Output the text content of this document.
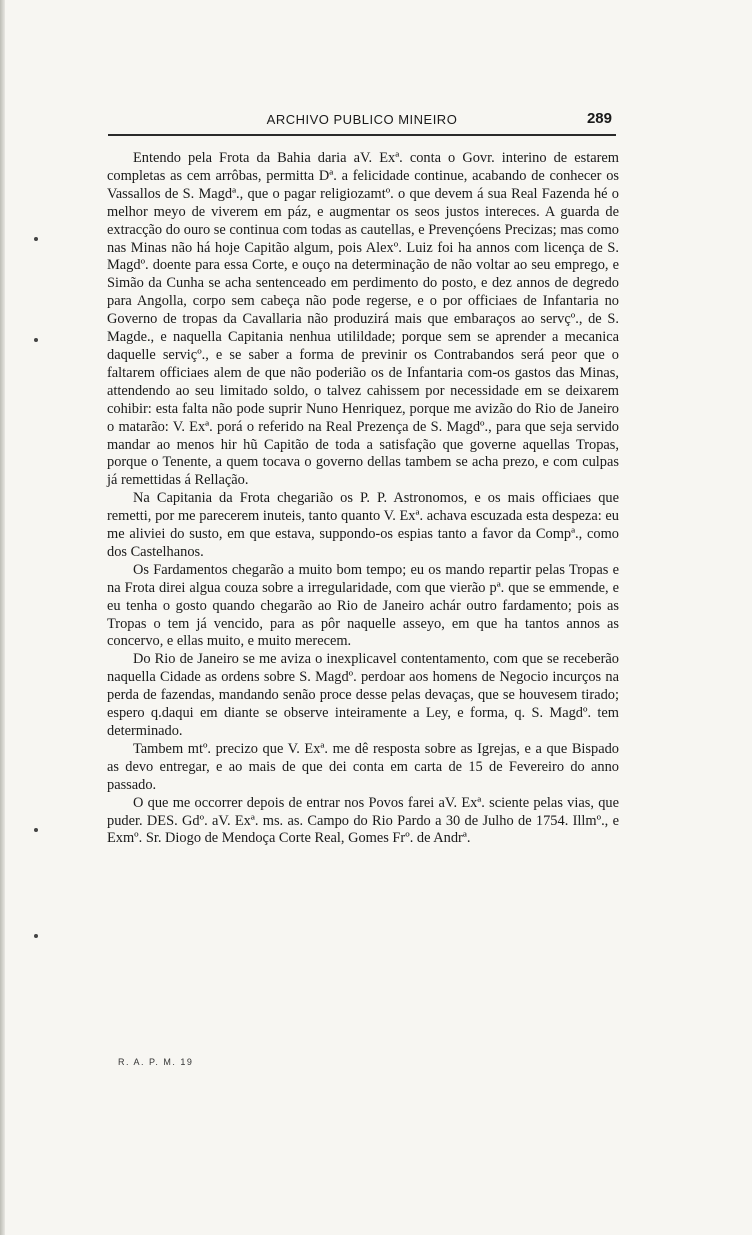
ARCHIVO PUBLICO MINEIRO	289

Entendo pela Frota da Bahia daria aV. Exª. conta o Govr. interino de estarem completas as cem arrôbas, permitta Dª. a felicidade continue, acabando de conhecer os Vassallos de S. Magdª., que o pagar religiozamtº. o que devem á sua Real Fazenda hé o melhor meyo de viverem em páz, e augmentar os seos justos intereces. A guarda de extracção do ouro se continua com todas as cautellas, e Prevençóens Precizas; mas como nas Minas não há hoje Capitão algum, pois Alexº. Luiz foi ha annos com licença de S. Magdº. doente para essa Corte, e ouço na determinação de não voltar ao seu emprego, e Simão da Cunha se acha sentenceado em perdimento do posto, e dez annos de degredo para Angolla, corpo sem cabeça não pode regerse, e o por officiaes de Infantaria no Governo de tropas da Cavallaria não produzirá mais que embaraços ao servçº., de S. Magde., e naquella Capitania nenhua utilildade; porque sem se aprender a mecanica daquelle serviçº., e se saber a forma de previnir os Contrabandos será peor que o faltarem officiaes alem de que não poderião os de Infantaria com-os gastos das Minas, attendendo ao seu limitado soldo, o talvez cahissem por necessidade em se deixarem cohibir: esta falta não pode suprir Nuno Henriquez, porque me avizão do Rio de Janeiro o matarão: V. Exª. porá o referido na Real Prezença de S. Magdº., para que seja servido mandar ao menos hir hũ Capitão de toda a satisfação que governe aquellas Tropas, porque o Tenente, a quem tocava o governo dellas tambem se acha prezo, e com culpas já remettidas á Rellação.

Na Capitania da Frota chegarião os P. P. Astronomos, e os mais officiaes que remetti, por me parecerem inuteis, tanto quanto V. Exª. achava escuzada esta despeza: eu me aliviei do susto, em que estava, suppondo-os espias tanto a favor da Compª., como dos Castelhanos.

Os Fardamentos chegarão a muito bom tempo; eu os mando repartir pelas Tropas e na Frota direi algua couza sobre a irregularidade, com que vierão pª. que se emmende, e eu tenha o gosto quando chegarão ao Rio de Janeiro achár outro fardamento; pois as Tropas o tem já vencido, para as pôr naquelle asseyo, em que ha tantos annos as concervo, e ellas muito, e muito merecem.

Do Rio de Janeiro se me aviza o inexplicavel contentamento, com que se receberão naquella Cidade as ordens sobre S. Magdº. perdoar aos homens de Negocio incurços na perda de fazendas, mandando senão proce desse pelas devaças, que se houvesem tirado; espero q.daqui em diante se observe inteiramente a Ley, e forma, q. S. Magdº. tem determinado.

Tambem mtº. precizo que V. Exª. me dê resposta sobre as Igrejas, e a que Bispado as devo entregar, e ao mais de que dei conta em carta de 15 de Fevereiro do anno passado.

O que me occorrer depois de entrar nos Povos farei aV. Exª. sciente pelas vias, que puder. DES. Gdº. aV. Exª. ms. as. Campo do Rio Pardo a 30 de Julho de 1754. Illmº., e Exmº. Sr. Diogo de Mendoça Corte Real, Gomes Frº. de Andrª.

R. A. P. M. 19
